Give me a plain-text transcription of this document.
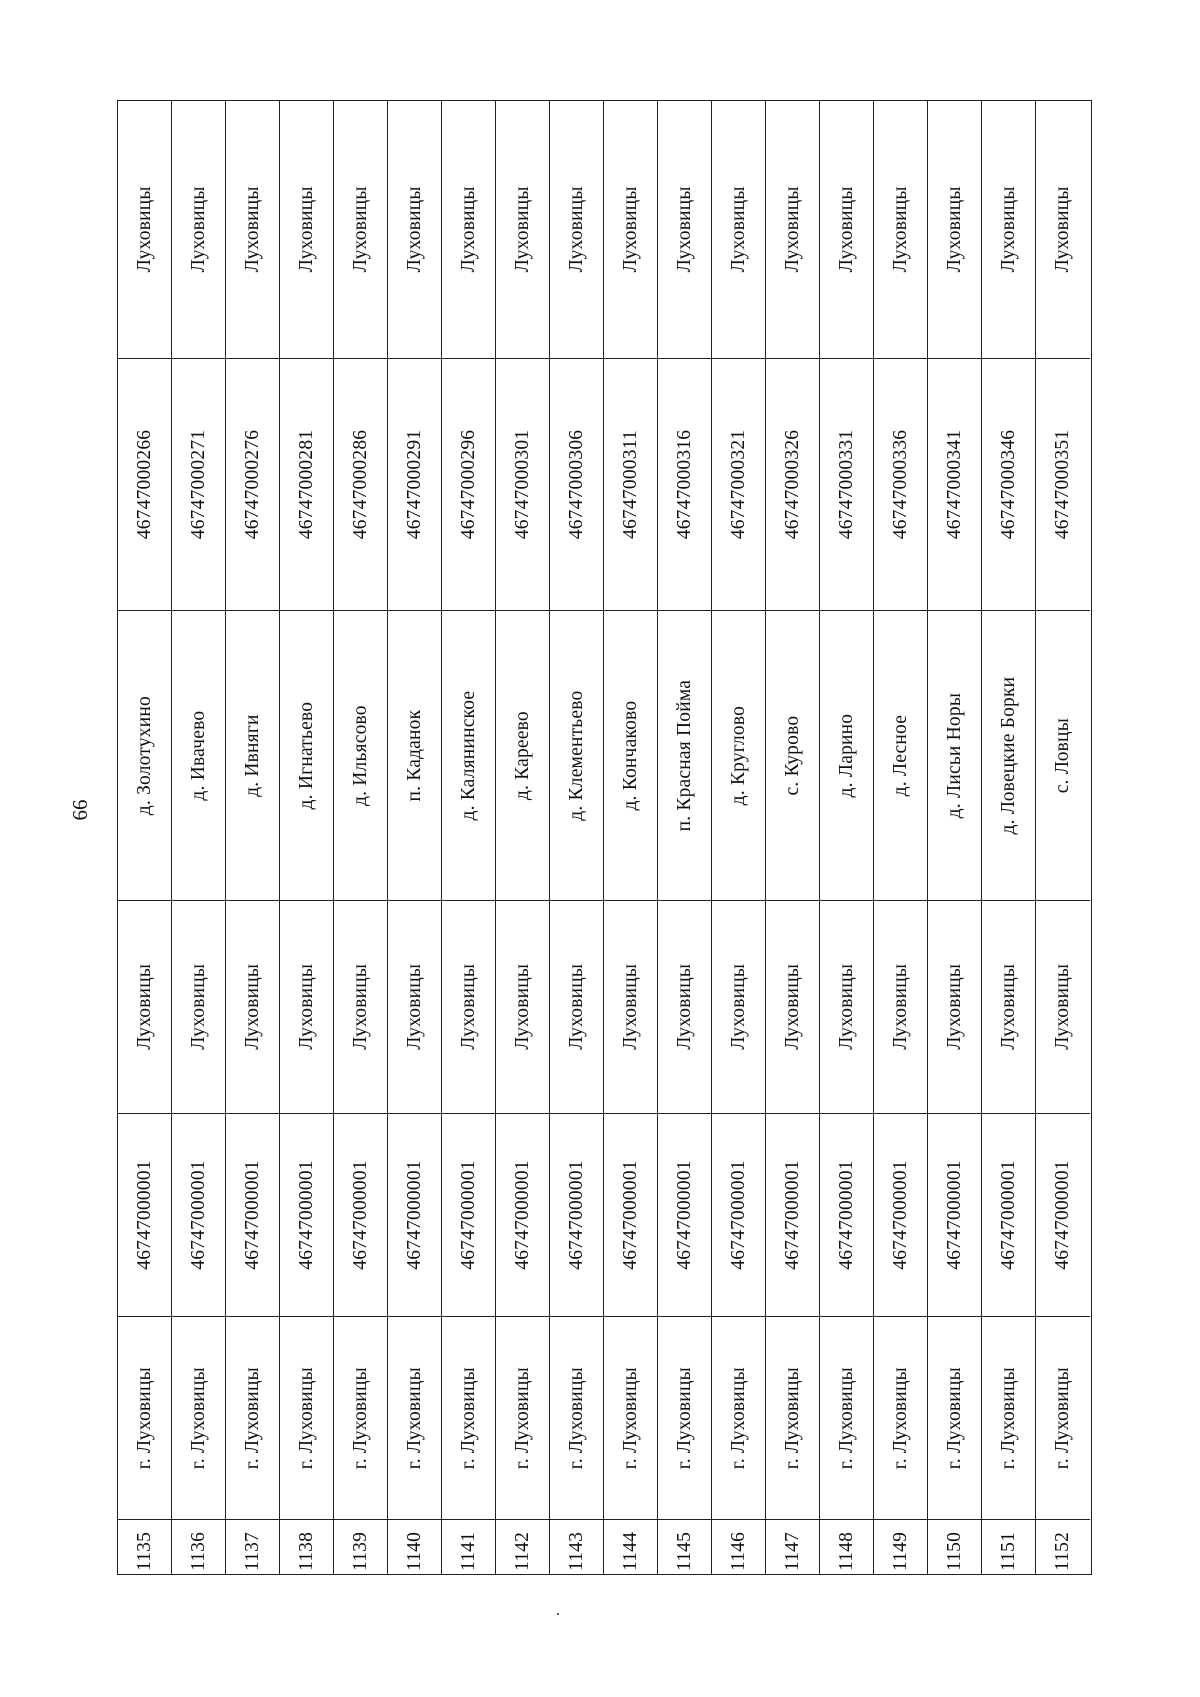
66
1135
г. Луховицы
46747000001
Луховицы
д. Золотухино
46747000266
Луховицы
1136
г. Луховицы
46747000001
Луховицы
д. Ивачево
46747000271
Луховицы
1137
г. Луховицы
46747000001
Луховицы
д. Ивняги
46747000276
Луховицы
1138
г. Луховицы
46747000001
Луховицы
д. Игнатьево
46747000281
Луховицы
1139
г. Луховицы
46747000001
Луховицы
д. Ильясово
46747000286
Луховицы
1140
г. Луховицы
46747000001
Луховицы
п. Каданок
46747000291
Луховицы
1141
г. Луховицы
46747000001
Луховицы
д. Калянинское
46747000296
Луховицы
1142
г. Луховицы
46747000001
Луховицы
д. Кареево
46747000301
Луховицы
1143
г. Луховицы
46747000001
Луховицы
д. Клементьево
46747000306
Луховицы
1144
г. Луховицы
46747000001
Луховицы
д. Кончаково
46747000311
Луховицы
1145
г. Луховицы
46747000001
Луховицы
п. Красная Пойма
46747000316
Луховицы
1146
г. Луховицы
46747000001
Луховицы
д. Круглово
46747000321
Луховицы
1147
г. Луховицы
46747000001
Луховицы
с. Курово
46747000326
Луховицы
1148
г. Луховицы
46747000001
Луховицы
д. Ларино
46747000331
Луховицы
1149
г. Луховицы
46747000001
Луховицы
д. Лесное
46747000336
Луховицы
1150
г. Луховицы
46747000001
Луховицы
д. Лисьи Норы
46747000341
Луховицы
1151
г. Луховицы
46747000001
Луховицы
д. Ловецкие Борки
46747000346
Луховицы
1152
г. Луховицы
46747000001
Луховицы
с. Ловцы
46747000351
Луховицы
